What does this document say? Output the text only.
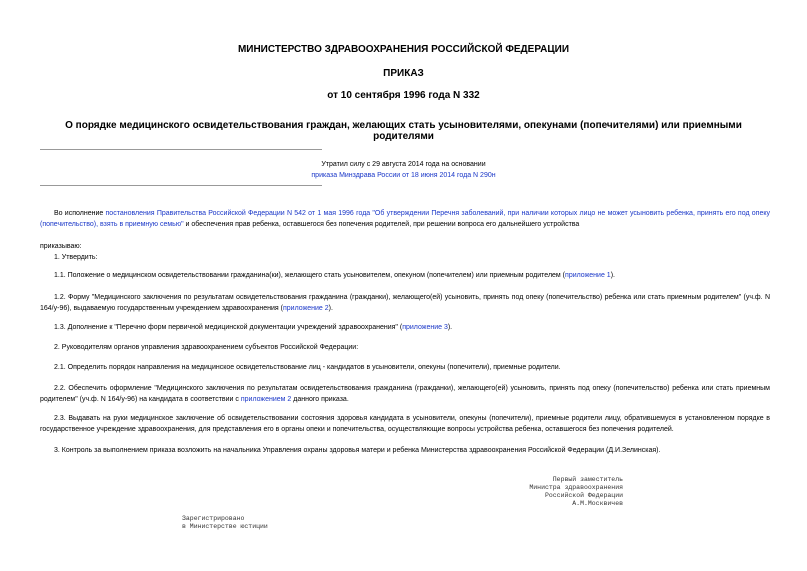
МИНИСТЕРСТВО ЗДРАВООХРАНЕНИЯ РОССИЙСКОЙ ФЕДЕРАЦИИ
ПРИКАЗ
от 10 сентября 1996 года N 332
О порядке медицинского освидетельствования граждан, желающих стать усыновителями, опекунами (попечителями) или приемными родителями
Утратил силу с 29 августа 2014 года на основании
приказа Минздрава России от 18 июня 2014 года N 290н
Во исполнение постановления Правительства Российской Федерации N 542 от 1 мая 1996 года "Об утверждении Перечня заболеваний, при наличии которых лицо не может усыновить ребенка, принять его под опеку (попечительство), взять в приемную семью" и обеспечения прав ребенка, оставшегося без попечения родителей, при решении вопроса его дальнейшего устройства
приказываю:
1. Утвердить:
1.1. Положение о медицинском освидетельствовании гражданина(ки), желающего стать усыновителем, опекуном (попечителем) или приемным родителем (приложение 1).
1.2. Форму "Медицинского заключения по результатам освидетельствования гражданина (гражданки), желающего(ей) усыновить, принять под опеку (попечительство) ребенка или стать приемным родителем" (уч.ф. N 164/у-96), выдаваемую государственным учреждением здравоохранения (приложение 2).
1.3. Дополнение к "Перечню форм первичной медицинской документации учреждений здравоохранения" (приложение 3).
2. Руководителям органов управления здравоохранением субъектов Российской Федерации:
2.1. Определить порядок направления на медицинское освидетельствование лиц - кандидатов в усыновители, опекуны (попечители), приемные родители.
2.2. Обеспечить оформление "Медицинского заключения по результатам освидетельствования гражданина (гражданки), желающего(ей) усыновить, принять под опеку (попечительство) ребенка или стать приемным родителем" (уч.ф. N 164/у-96) на кандидата в соответствии с приложением 2 данного приказа.
2.3. Выдавать на руки медицинское заключение об освидетельствовании состояния здоровья кандидата в усыновители, опекуны (попечители), приемные родители лицу, обратившемуся в установленном порядке в государственное учреждение здравоохранения, для представления его в органы опеки и попечительства, осуществляющие вопросы устройства ребенка, оставшегося без попечения родителей.
3. Контроль за выполнением приказа возложить на начальника Управления охраны здоровья матери и ребенка Министерства здравоохранения Российской Федерации (Д.И.Зелинская).
Первый заместитель
Министра здравоохранения
Российской Федерации
А.М.Москвичев
Зарегистрировано
в Министерстве юстиции
